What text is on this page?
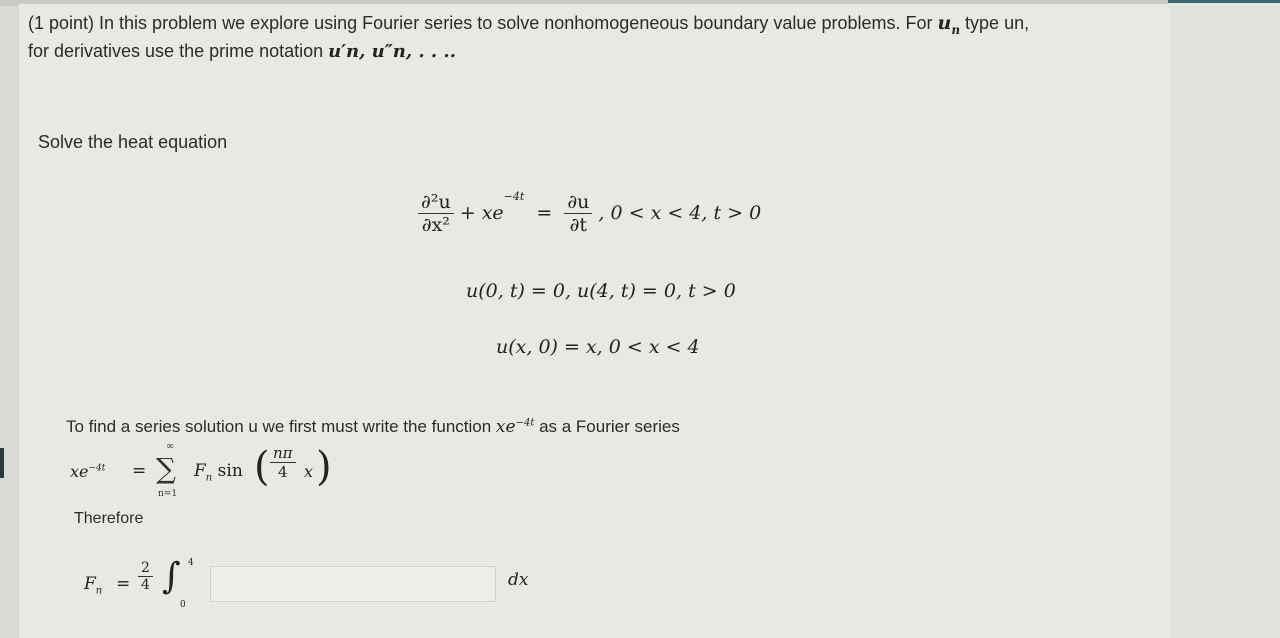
(1 point) In this problem we explore using Fourier series to solve nonhomogeneous boundary value problems. For $u_n$ type un,
for derivatives use the prime notation u′n, u″n, . . ..
Solve the heat equation
$\frac{\text{∂²u}}{\text{∂x²}} + xe^{-4t} = \frac{\partial u}{\partial t}$ , 0 < x < 4, t > 0
u(0, t) = 0, u(4, t) = 0, t > 0
u(x, 0) = x, 0 < x < 4
To find a series solution u we first must write the function $xe^{-4t}$ as a Fourier series
$xe^{-4t}$ =
∞
∑
n=1
$F_n$ sin ( $\frac{n\pi}{4}$ x )
Therefore
$F_n = \frac{2}{4}$ ∫ 4
0
dx
